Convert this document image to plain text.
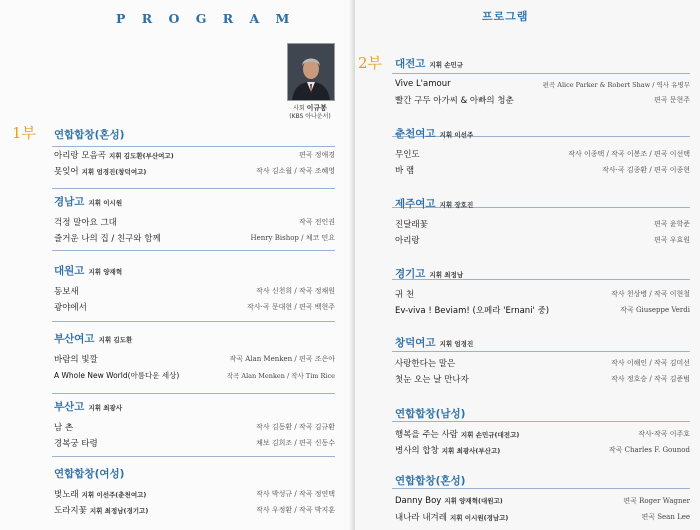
P R O G R A M
사회 이규봉
(KBS 아나운서)
1부 연합합창(혼성)
아리랑 모음곡 지휘 김도환(부산여고)	편곡 정애경
못잊어 지휘 엄경진(창덕여고)	작사 김소월 / 작곡 조혜영
경남고 지휘 이시원
걱정 말아요 그대	작곡 전인권
즐거운 나의 집 / 친구와 함께	Henry Bishop / 체코 민요
대원고 지휘 양재혁
동보새	작사 신천희 / 작곡 정채원
광야에서	작사·곡 문대현 / 편곡 백현주
부산여고 지휘 김도환
바람의 빛깔	작곡 Alan Menken / 편곡 조은아
A Whole New World(아름다운 세상)	작곡 Alan Menken / 작사 Tim Rice
부산고 지휘 최광사
남 촌	작사 김동환 / 작곡 김규환
경복궁 타령	채보 김희조 / 편곡 신동수
연합합창(여성)
벚노래 지휘 이선주(춘천여고)	작사 박성규 / 작곡 정연택
도라지꽃 지휘 최정남(경기고)	작사 우정환 / 작곡 박지훈
프로그램
2부 대전고 지휘 손민규
Vive L'amour	편곡 Alice Parker & Robert Shaw / 역사 유병무
빨간 구두 아가씨 & 아빠의 청춘	편곡 문현주
춘천여고 지휘 이선주
무인도	작사 이종택 / 작곡 이봉조 / 편곡 이선택
바 램	작사·곡 김종환 / 편곡 이종현
제주여고 지휘 장호진
진달래꽃	편곡 윤학준
아리랑	편곡 우효원
경기고 지휘 최정남
귀 천	작사 천상병 / 작곡 이현철
Ev-viva ! Beviam! (오페라 'Ernani' 중)	작곡 Giuseppe Verdi
창덕여고 지휘 엄경진
사랑한다는 말은	작사 이해인 / 작곡 김미선
첫눈 오는 날 만나자	작사 정호승 / 작곡 김준범
연합합창(남성)
행복을 주는 사람 지휘 손민규(대전고)	작사·작곡 이주호
병사의 합창 지휘 최광사(부산고)	작곡 Charles F. Gounod
연합합창(혼성)
Danny Boy 지휘 양재혁(대원고)	편곡 Roger Wagner
내나라 내겨레 지휘 이시원(경남고)	편곡 Sean Lee
